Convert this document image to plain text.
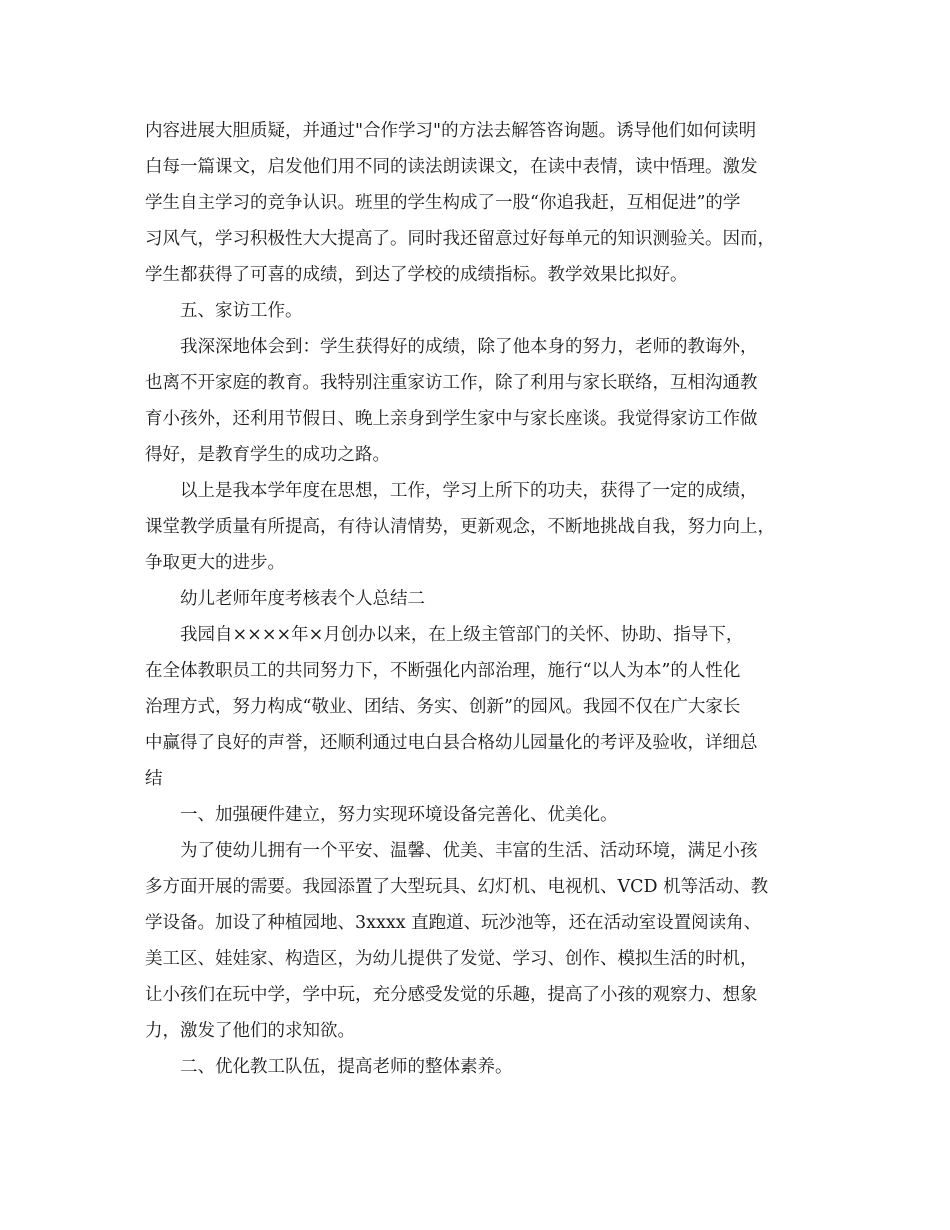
内容进展大胆质疑，并通过"合作学习"的方法去解答咨询题。诱导他们如何读明
白每一篇课文，启发他们用不同的读法朗读课文，在读中表情，读中悟理。激发
学生自主学习的竞争认识。班里的学生构成了一股“你追我赶，互相促进”的学
习风气，学习积极性大大提高了。同时我还留意过好每单元的知识测验关。因而，
学生都获得了可喜的成绩，到达了学校的成绩指标。教学效果比拟好。
五、家访工作。
我深深地体会到：学生获得好的成绩，除了他本身的努力，老师的教诲外，
也离不开家庭的教育。我特别注重家访工作，除了利用与家长联络，互相沟通教
育小孩外，还利用节假日、晚上亲身到学生家中与家长座谈。我觉得家访工作做
得好，是教育学生的成功之路。
以上是我本学年度在思想，工作，学习上所下的功夫，获得了一定的成绩，
课堂教学质量有所提高，有待认清情势，更新观念，不断地挑战自我，努力向上，
争取更大的进步。
幼儿老师年度考核表个人总结二
我园自××××年×月创办以来，在上级主管部门的关怀、协助、指导下，
在全体教职员工的共同努力下，不断强化内部治理，施行“以人为本”的人性化
治理方式，努力构成“敬业、团结、务实、创新”的园风。我园不仅在广大家长
中赢得了良好的声誉，还顺利通过电白县合格幼儿园量化的考评及验收，详细总
结
一、加强硬件建立，努力实现环境设备完善化、优美化。
为了使幼儿拥有一个平安、温馨、优美、丰富的生活、活动环境，满足小孩
多方面开展的需要。我园添置了大型玩具、幻灯机、电视机、VCD 机等活动、教
学设备。加设了种植园地、3xxxx 直跑道、玩沙池等，还在活动室设置阅读角、
美工区、娃娃家、构造区，为幼儿提供了发觉、学习、创作、模拟生活的时机，
让小孩们在玩中学，学中玩，充分感受发觉的乐趣，提高了小孩的观察力、想象
力，激发了他们的求知欲。
二、优化教工队伍，提高老师的整体素养。
